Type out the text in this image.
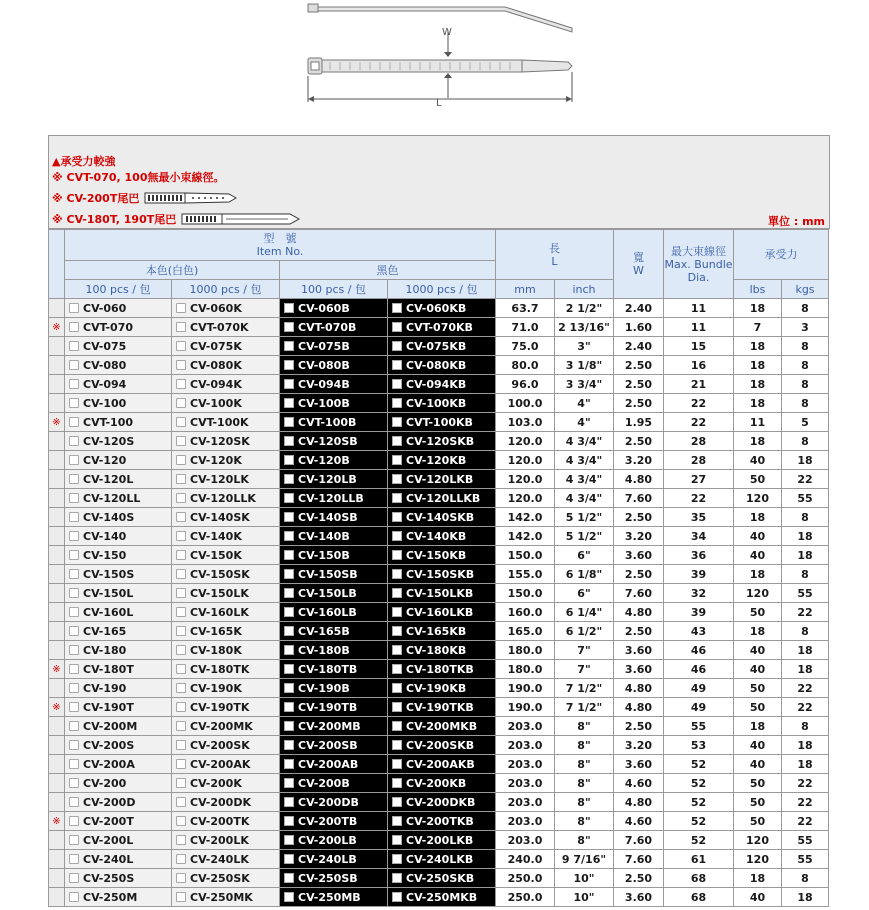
W
L
▲承受力較強
※ CVT-070, 100無最小束線徑。
※ CV-200T尾巴
※ CV-180T, 190T尾巴	單位 : mm
	型　號
Item No.				長
L		寬
W	最大束線徑
Max. Bundle
Dia.	承受力	
	本色(白色)		黑色							
	100 pcs / 包	1000 pcs / 包	100 pcs / 包	1000 pcs / 包	mm	inch			lbs	kgs
	CV-060	CV-060K	CV-060B	CV-060KB	63.7	2 1/2"	2.40	11	18	8
※	CVT-070	CVT-070K	CVT-070B	CVT-070KB	71.0	2 13/16"	1.60	11	7	3
	CV-075	CV-075K	CV-075B	CV-075KB	75.0	3"	2.40	15	18	8
	CV-080	CV-080K	CV-080B	CV-080KB	80.0	3 1/8"	2.50	16	18	8
	CV-094	CV-094K	CV-094B	CV-094KB	96.0	3 3/4"	2.50	21	18	8
	CV-100	CV-100K	CV-100B	CV-100KB	100.0	4"	2.50	22	18	8
※	CVT-100	CVT-100K	CVT-100B	CVT-100KB	103.0	4"	1.95	22	11	5
	CV-120S	CV-120SK	CV-120SB	CV-120SKB	120.0	4 3/4"	2.50	28	18	8
	CV-120	CV-120K	CV-120B	CV-120KB	120.0	4 3/4"	3.20	28	40	18
	CV-120L	CV-120LK	CV-120LB	CV-120LKB	120.0	4 3/4"	4.80	27	50	22
	CV-120LL	CV-120LLK	CV-120LLB	CV-120LLKB	120.0	4 3/4"	7.60	22	120	55
	CV-140S	CV-140SK	CV-140SB	CV-140SKB	142.0	5 1/2"	2.50	35	18	8
	CV-140	CV-140K	CV-140B	CV-140KB	142.0	5 1/2"	3.20	34	40	18
	CV-150	CV-150K	CV-150B	CV-150KB	150.0	6"	3.60	36	40	18
	CV-150S	CV-150SK	CV-150SB	CV-150SKB	155.0	6 1/8"	2.50	39	18	8
	CV-150L	CV-150LK	CV-150LB	CV-150LKB	150.0	6"	7.60	32	120	55
	CV-160L	CV-160LK	CV-160LB	CV-160LKB	160.0	6 1/4"	4.80	39	50	22
	CV-165	CV-165K	CV-165B	CV-165KB	165.0	6 1/2"	2.50	43	18	8
	CV-180	CV-180K	CV-180B	CV-180KB	180.0	7"	3.60	46	40	18
※	CV-180T	CV-180TK	CV-180TB	CV-180TKB	180.0	7"	3.60	46	40	18
	CV-190	CV-190K	CV-190B	CV-190KB	190.0	7 1/2"	4.80	49	50	22
※	CV-190T	CV-190TK	CV-190TB	CV-190TKB	190.0	7 1/2"	4.80	49	50	22
	CV-200M	CV-200MK	CV-200MB	CV-200MKB	203.0	8"	2.50	55	18	8
	CV-200S	CV-200SK	CV-200SB	CV-200SKB	203.0	8"	3.20	53	40	18
	CV-200A	CV-200AK	CV-200AB	CV-200AKB	203.0	8"	3.60	52	40	18
	CV-200	CV-200K	CV-200B	CV-200KB	203.0	8"	4.60	52	50	22
	CV-200D	CV-200DK	CV-200DB	CV-200DKB	203.0	8"	4.80	52	50	22
※	CV-200T	CV-200TK	CV-200TB	CV-200TKB	203.0	8"	4.60	52	50	22
	CV-200L	CV-200LK	CV-200LB	CV-200LKB	203.0	8"	7.60	52	120	55
	CV-240L	CV-240LK	CV-240LB	CV-240LKB	240.0	9 7/16"	7.60	61	120	55
	CV-250S	CV-250SK	CV-250SB	CV-250SKB	250.0	10"	2.50	68	18	8
	CV-250M	CV-250MK	CV-250MB	CV-250MKB	250.0	10"	3.60	68	40	18
